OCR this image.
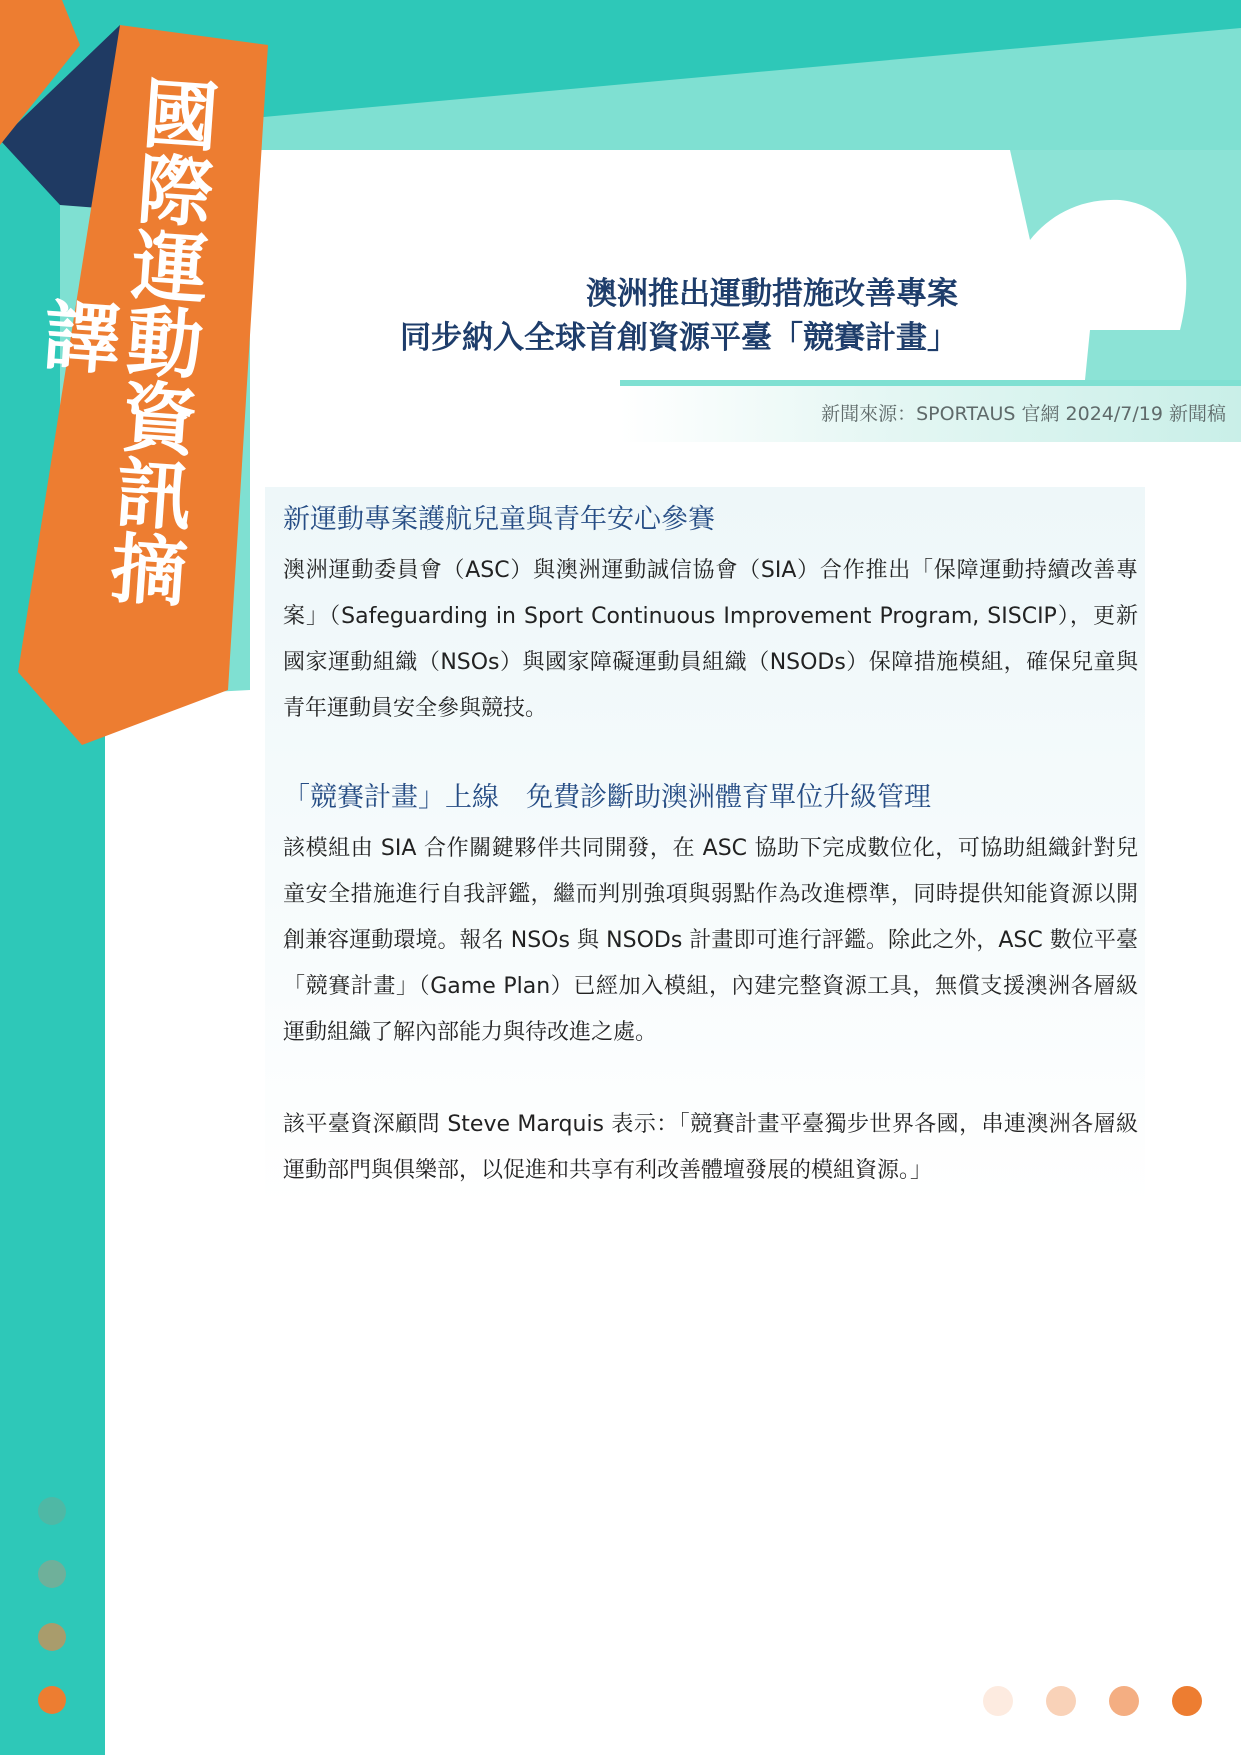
國際運動資訊摘譯	澳洲推出運動措施改善專案
同步納入全球首創資源平臺「競賽計畫」
新聞來源：SPORTAUS 官網 2024/7/19 新聞稿
新運動專案護航兒童與青年安心參賽

澳洲運動委員會（ASC）與澳洲運動誠信協會（SIA）合作推出「保障運動持續改善專案」（Safeguarding in Sport Continuous Improvement Program, SISCIP），更新國家運動組織（NSOs）與國家障礙運動員組織（NSODs）保障措施模組，確保兒童與青年運動員安全參與競技。

「競賽計畫」上線　免費診斷助澳洲體育單位升級管理

該模組由 SIA 合作關鍵夥伴共同開發，在 ASC 協助下完成數位化，可協助組織針對兒童安全措施進行自我評鑑，繼而判別強項與弱點作為改進標準，同時提供知能資源以開創兼容運動環境。報名 NSOs 與 NSODs 計畫即可進行評鑑。除此之外，ASC 數位平臺「競賽計畫」（Game Plan）已經加入模組，內建完整資源工具，無償支援澳洲各層級運動組織了解內部能力與待改進之處。

該平臺資深顧問 Steve Marquis 表示：「競賽計畫平臺獨步世界各國，串連澳洲各層級運動部門與俱樂部，以促進和共享有利改善體壇發展的模組資源。」
